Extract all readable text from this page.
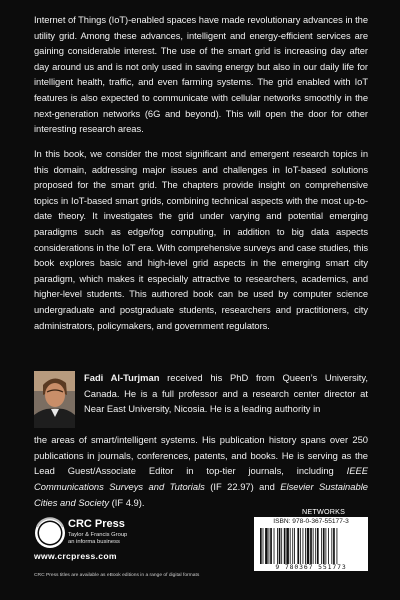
Internet of Things (IoT)-enabled spaces have made revolutionary advances in the utility grid. Among these advances, intelligent and energy-efficient services are gaining considerable interest. The use of the smart grid is increasing day after day around us and is not only used in saving energy but also in our daily life for intelligent health, traffic, and even farming systems. The grid enabled with IoT features is also expected to communicate with cellular networks smoothly in the next-generation networks (6G and beyond). This will open the door for other interesting research areas.

In this book, we consider the most significant and emergent research topics in this domain, addressing major issues and challenges in IoT-based solutions proposed for the smart grid. The chapters provide insight on comprehensive topics in IoT-based smart grids, combining technical aspects with the most up-to-date theory. It investigates the grid under varying and potential emerging paradigms such as edge/fog computing, in addition to big data aspects considerations in the IoT era. With comprehensive surveys and case studies, this book explores basic and high-level grid aspects in the emerging smart city paradigm, which makes it especially attractive to researchers, academics, and higher-level students. This authored book can be used by computer science undergraduate and postgraduate students, researchers and practitioners, city administrators, policymakers, and government regulators.

Fadi Al-Turjman received his PhD from Queen’s University, Canada. He is a full professor and a research center director at Near East University, Nicosia. He is a leading authority in
the areas of smart/intelligent systems. His publication history spans over 250 publications in journals, conferences, patents, and books. He is serving as the Lead Guest/Associate Editor in top-tier journals, including IEEE Communications Surveys and Tutorials (IF 22.97) and Elsevier Sustainable Cities and Society (IF 4.9).
CRC Press
Taylor & Francis Group
an informa business
www.crcpress.com
CRC Press titles are available as eBook editions in a range of digital formats
NETWORKS
ISBN: 978-0-367-55177-3
9 780367 551773
